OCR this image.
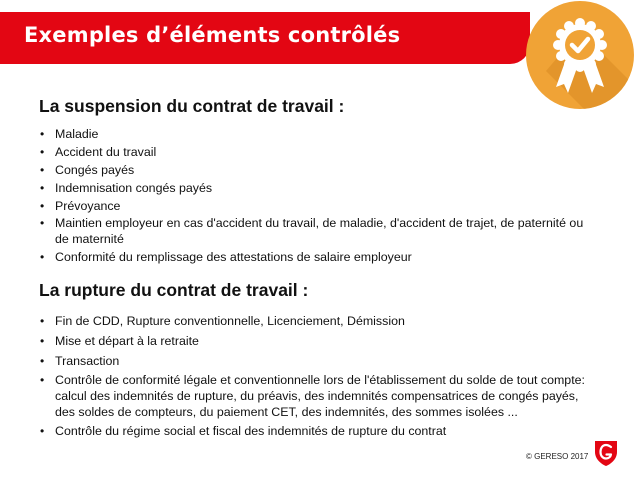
Exemples d’éléments contrôlés
La suspension du contrat de travail :
• Maladie
• Accident du travail
• Congés payés
• Indemnisation congés payés
• Prévoyance
• Maintien employeur en cas d'accident du travail, de maladie, d'accident de trajet, de paternité ou de maternité
• Conformité du remplissage des attestations de salaire employeur
La rupture du contrat de travail :
• Fin de CDD, Rupture conventionnelle, Licenciement, Démission
• Mise et départ à la retraite
• Transaction
• Contrôle de conformité légale et conventionnelle lors de l'établissement du solde de tout compte: calcul des indemnités de rupture, du préavis, des indemnités compensatrices de congés payés, des soldes de compteurs, du paiement CET, des indemnités, des sommes isolées ...
• Contrôle du régime social et fiscal des indemnités de rupture du contrat
© GERESO 2017
